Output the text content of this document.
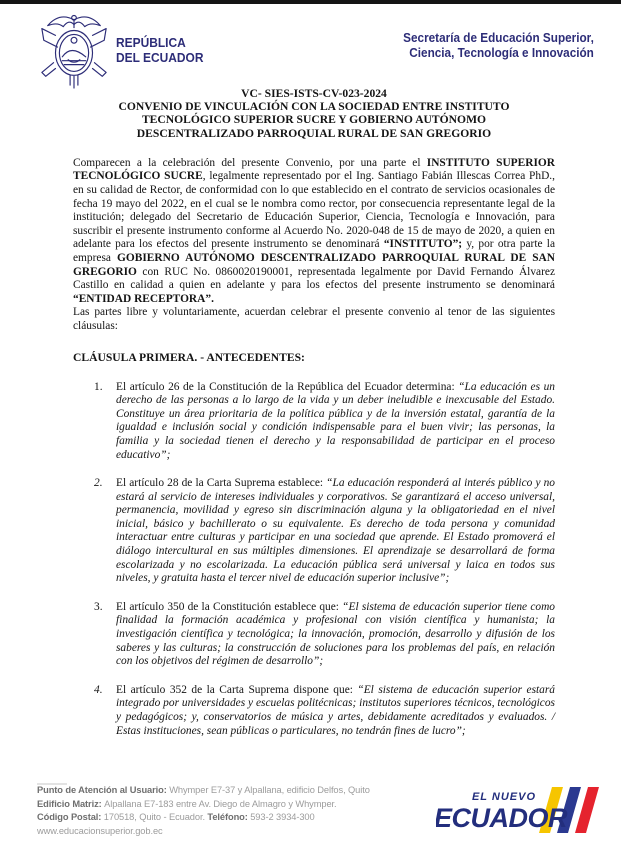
REPÚBLICA
DEL ECUADOR
Secretaría de Educación Superior,
Ciencia, Tecnología e Innovación
VC- SIES-ISTS-CV-023-2024
CONVENIO DE VINCULACIÓN CON LA SOCIEDAD ENTRE INSTITUTO
TECNOLÓGICO SUPERIOR SUCRE Y GOBIERNO AUTÓNOMO
DESCENTRALIZADO PARROQUIAL RURAL DE SAN GREGORIO

Comparecen a la celebración del presente Convenio, por una parte el INSTITUTO SUPERIOR TECNOLÓGICO SUCRE, legalmente representado por el Ing. Santiago Fabián Illescas Correa PhD., en su calidad de Rector, de conformidad con lo que establecido en el contrato de servicios ocasionales de fecha 19 mayo del 2022, en el cual se le nombra como rector, por consecuencia representante legal de la institución; delegado del Secretario de Educación Superior, Ciencia, Tecnología e Innovación, para suscribir el presente instrumento conforme al Acuerdo No. 2020-048 de 15 de mayo de 2020, a quien en adelante para los efectos del presente instrumento se denominará “INSTITUTO”; y, por otra parte la empresa GOBIERNO AUTÓNOMO DESCENTRALIZADO PARROQUIAL RURAL DE SAN GREGORIO con RUC No. 0860020190001, representada legalmente por David Fernando Álvarez Castillo en calidad a quien en adelante y para los efectos del presente instrumento se denominará “ENTIDAD RECEPTORA”.

Las partes libre y voluntariamente, acuerdan celebrar el presente convenio al tenor de las siguientes cláusulas:

CLÁUSULA PRIMERA. - ANTECEDENTES:
1.	El artículo 26 de la Constitución de la República del Ecuador determina: “La educación es un derecho de las personas a lo largo de la vida y un deber ineludible e inexcusable del Estado. Constituye un área prioritaria de la política pública y de la inversión estatal, garantía de la igualdad e inclusión social y condición indispensable para el buen vivir; las personas, la familia y la sociedad tienen el derecho y la responsabilidad de participar en el proceso educativo”;
2.	El artículo 28 de la Carta Suprema establece: “La educación responderá al interés público y no estará al servicio de intereses individuales y corporativos. Se garantizará el acceso universal, permanencia, movilidad y egreso sin discriminación alguna y la obligatoriedad en el nivel inicial, básico y bachillerato o su equivalente. Es derecho de toda persona y comunidad interactuar entre culturas y participar en una sociedad que aprende. El Estado promoverá el diálogo intercultural en sus múltiples dimensiones. El aprendizaje se desarrollará de forma escolarizada y no escolarizada. La educación pública será universal y laica en todos sus niveles, y gratuita hasta el tercer nivel de educación superior inclusive”;
3.	El artículo 350 de la Constitución establece que: “El sistema de educación superior tiene como finalidad la formación académica y profesional con visión científica y humanista; la investigación científica y tecnológica; la innovación, promoción, desarrollo y difusión de los saberes y las culturas; la construcción de soluciones para los problemas del país, en relación con los objetivos del régimen de desarrollo”;
4.	El artículo 352 de la Carta Suprema dispone que: “El sistema de educación superior estará integrado por universidades y escuelas politécnicas; institutos superiores técnicos, tecnológicos y pedagógicos; y, conservatorios de música y artes, debidamente acreditados y evaluados. / Estas instituciones, sean públicas o particulares, no tendrán fines de lucro”;
Punto de Atención al Usuario: Whymper E7-37 y Alpallana, edificio Delfos, Quito
Edificio Matriz: Alpallana E7-183 entre Av. Diego de Almagro y Whymper.
Código Postal: 170518, Quito - Ecuador. Teléfono: 593-2 3934-300
www.educacionsuperior.gob.ec
EL NUEVO
ECUADOR
